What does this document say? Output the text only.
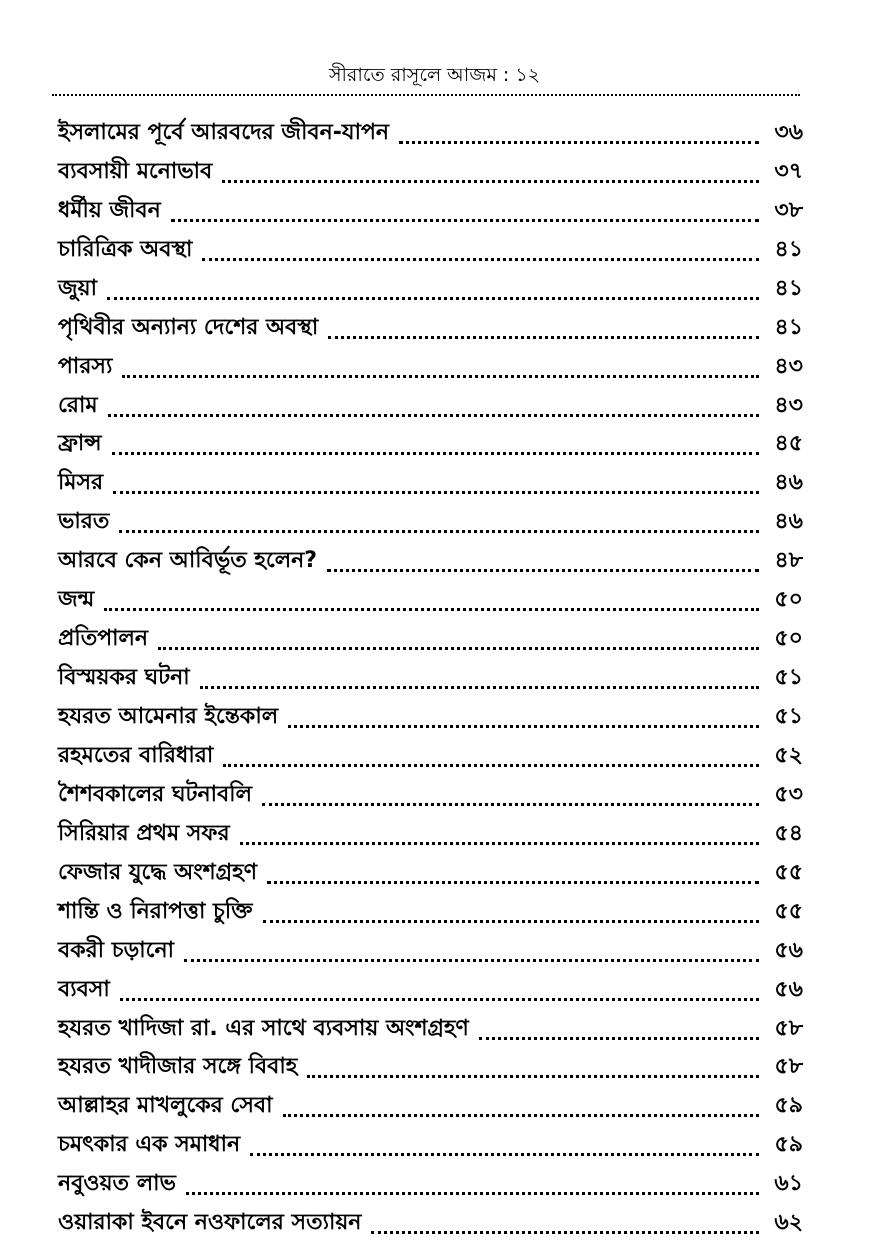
সীরাতে রাসূলে আজম : ১২
ইসলামের পূর্বে আরবদের জীবন-যাপন	৩৬
ব্যবসায়ী মনোভাব	৩৭
ধর্মীয় জীবন	৩৮
চারিত্রিক অবস্থা	৪১
জুয়া	৪১
পৃথিবীর অন্যান্য দেশের অবস্থা	৪১
পারস্য	৪৩
রোম	৪৩
ফ্রান্স	৪৫
মিসর	৪৬
ভারত	৪৬
আরবে কেন আবির্ভূত হলেন?	৪৮
জন্ম	৫০
প্রতিপালন	৫০
বিস্ময়কর ঘটনা	৫১
হযরত আমেনার ইন্তেকাল	৫১
রহমতের বারিধারা	৫২
শৈশবকালের ঘটনাবলি	৫৩
সিরিয়ার প্রথম সফর	৫৪
ফেজার যুদ্ধে অংশগ্রহণ	৫৫
শান্তি ও নিরাপত্তা চুক্তি	৫৫
বকরী চড়ানো	৫৬
ব্যবসা	৫৬
হযরত খাদিজা রা. এর সাথে ব্যবসায় অংশগ্রহণ	৫৮
হযরত খাদীজার সঙ্গে বিবাহ	৫৮
আল্লাহর মাখলুকের সেবা	৫৯
চমৎকার এক সমাধান	৫৯
নবুওয়ত লাভ	৬১
ওয়ারাকা ইবনে নওফালের সত্যায়ন	৬২
